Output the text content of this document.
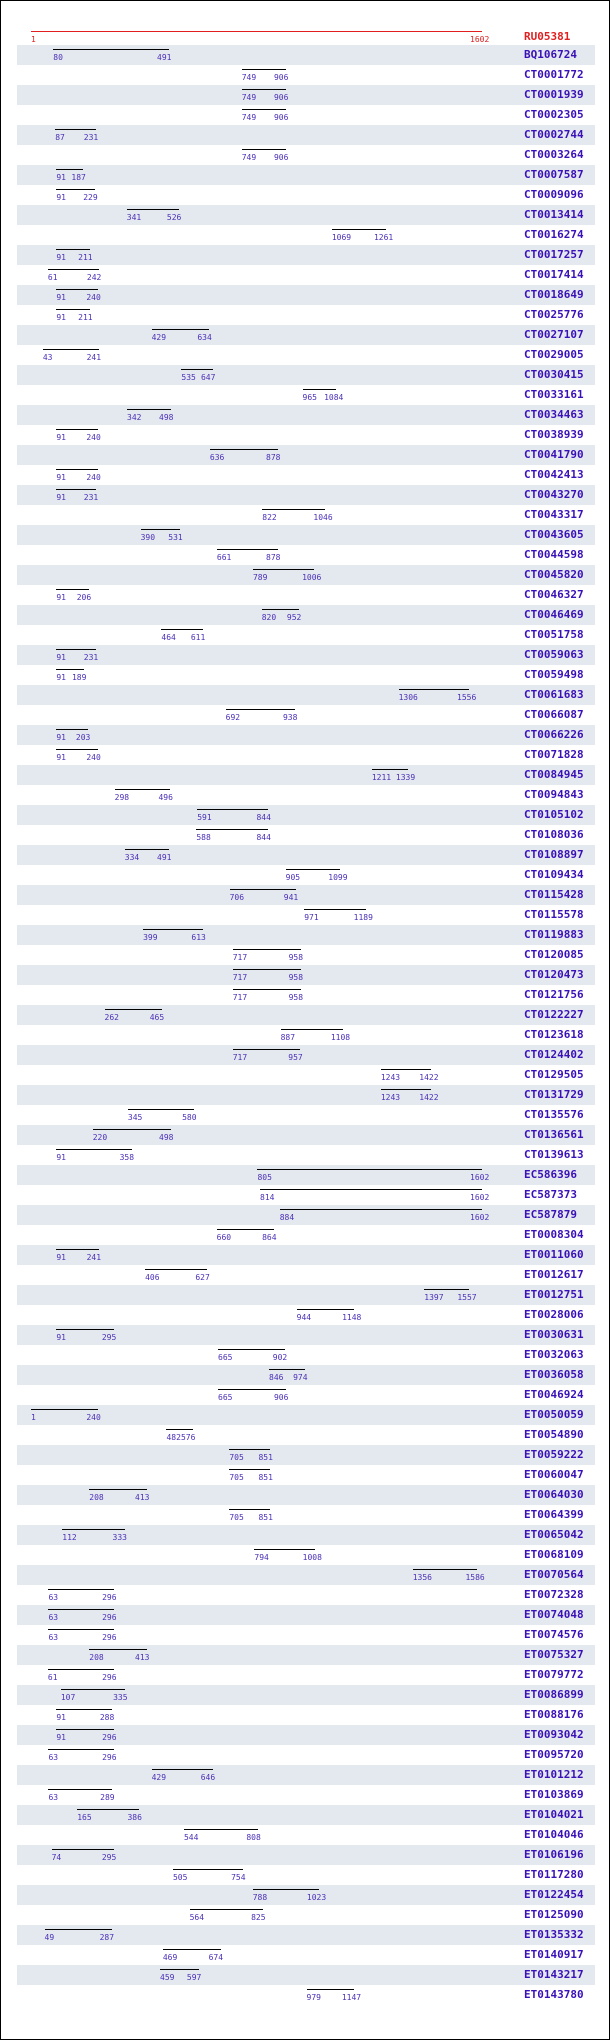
1	1602	RU05381
80	491	BQ106724
749 906	CT0001772
749 906	CT0001939
749 906	CT0002305
87 231	CT0002744
749 906	CT0003264
91 187	CT0007587
91 229	CT0009096
341	526	CT0013414
1069	1261	CT0016274
91 211	CT0017257
61	242	CT0017414
91	240	CT0018649
91 211	CT0025776
429	634	CT0027107
43	241	CT0029005
535 647	CT0030415
965 1084	CT0033161
342 498	CT0034463
91	240	CT0038939
636	878	CT0041790
91	240	CT0042413
91 231	CT0043270
822	1046	CT0043317
390 531	CT0043605
661	878	CT0044598
789	1006	CT0045820
91 206	CT0046327
820 952	CT0046469
464 611	CT0051758
91 231	CT0059063
91 189	CT0059498
1306	1556	CT0061683
692	938	CT0066087
91 203	CT0066226
91	240	CT0071828
1211 1339	CT0084945
298	496	CT0094843
591	844	CT0105102
588	844	CT0108036
334 491	CT0108897
905	1099	CT0109434
706	941	CT0115428
971	1189	CT0115578
399	613	CT0119883
717	958	CT0120085
717	958	CT0120473
717	958	CT0121756
262	465	CT0122227
887	1108	CT0123618
717	957	CT0124402
1243 1422	CT0129505
1243 1422	CT0131729
345	580	CT0135576
220	498	CT0136561
91	358	CT0139613
805	1602	EC586396
814	1602	EC587373
884	1602	EC587879
660	864	ET0008304
91	241	ET0011060
406	627	ET0012617
1397 1557	ET0012751
944	1148	ET0028006
91	295	ET0030631
665	902	ET0032063
846 974	ET0036058
665	906	ET0046924
1	240	ET0050059
482 576	ET0054890
705 851	ET0059222
705 851	ET0060047
208	413	ET0064030
705 851	ET0064399
112	333	ET0065042
794	1008	ET0068109
1356	1586	ET0070564
63	296	ET0072328
63	296	ET0074048
63	296	ET0074576
208	413	ET0075327
61	296	ET0079772
107	335	ET0086899
91	288	ET0088176
91	296	ET0093042
63	296	ET0095720
429	646	ET0101212
63	289	ET0103869
165	386	ET0104021
544	808	ET0104046
74	295	ET0106196
505	754	ET0117280
788	1023	ET0122454
564	825	ET0125090
49	287	ET0135332
469	674	ET0140917
459 597	ET0143217
979	1147	ET0143780
